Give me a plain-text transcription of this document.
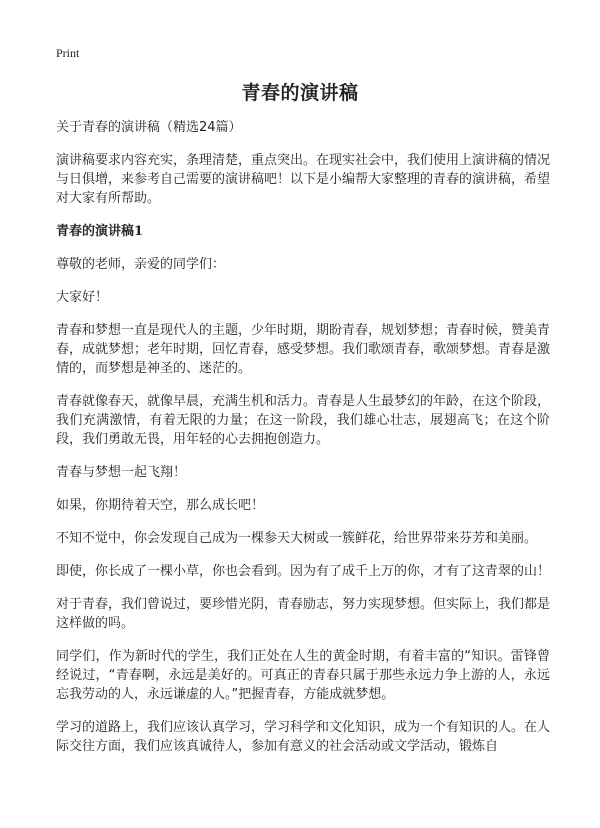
Print
青春的演讲稿

关于青春的演讲稿（精选24篇）

演讲稿要求内容充实，条理清楚，重点突出。在现实社会中，我们使用上演讲稿的情况与日俱增，来参考自己需要的演讲稿吧！以下是小编帮大家整理的青春的演讲稿，希望对大家有所帮助。

青春的演讲稿1

尊敬的老师，亲爱的同学们：

大家好！

青春和梦想一直是现代人的主题，少年时期，期盼青春，规划梦想；青春时候，赞美青春，成就梦想；老年时期，回忆青春，感受梦想。我们歌颂青春，歌颂梦想。青春是激情的，而梦想是神圣的、迷茫的。

青春就像春天，就像早晨，充满生机和活力。青春是人生最梦幻的年龄，在这个阶段，我们充满激情，有着无限的力量；在这一阶段，我们雄心壮志，展翅高飞；在这个阶段，我们勇敢无畏，用年轻的心去拥抱创造力。

青春与梦想一起飞翔！

如果，你期待着天空，那么成长吧！

不知不觉中，你会发现自己成为一棵参天大树或一簇鲜花，给世界带来芬芳和美丽。

即使，你长成了一棵小草，你也会看到。因为有了成千上万的你，才有了这青翠的山！

对于青春，我们曾说过，要珍惜光阴，青春励志，努力实现梦想。但实际上，我们都是这样做的吗。

同学们，作为新时代的学生，我们正处在人生的黄金时期，有着丰富的“知识。雷锋曾经说过，“青春啊，永远是美好的。可真正的青春只属于那些永远力争上游的人，永远忘我劳动的人，永远谦虚的人。”把握青春，方能成就梦想。

学习的道路上，我们应该认真学习，学习科学和文化知识，成为一个有知识的人。在人际交往方面，我们应该真诚待人，参加有意义的社会活动或文学活动，锻炼自
